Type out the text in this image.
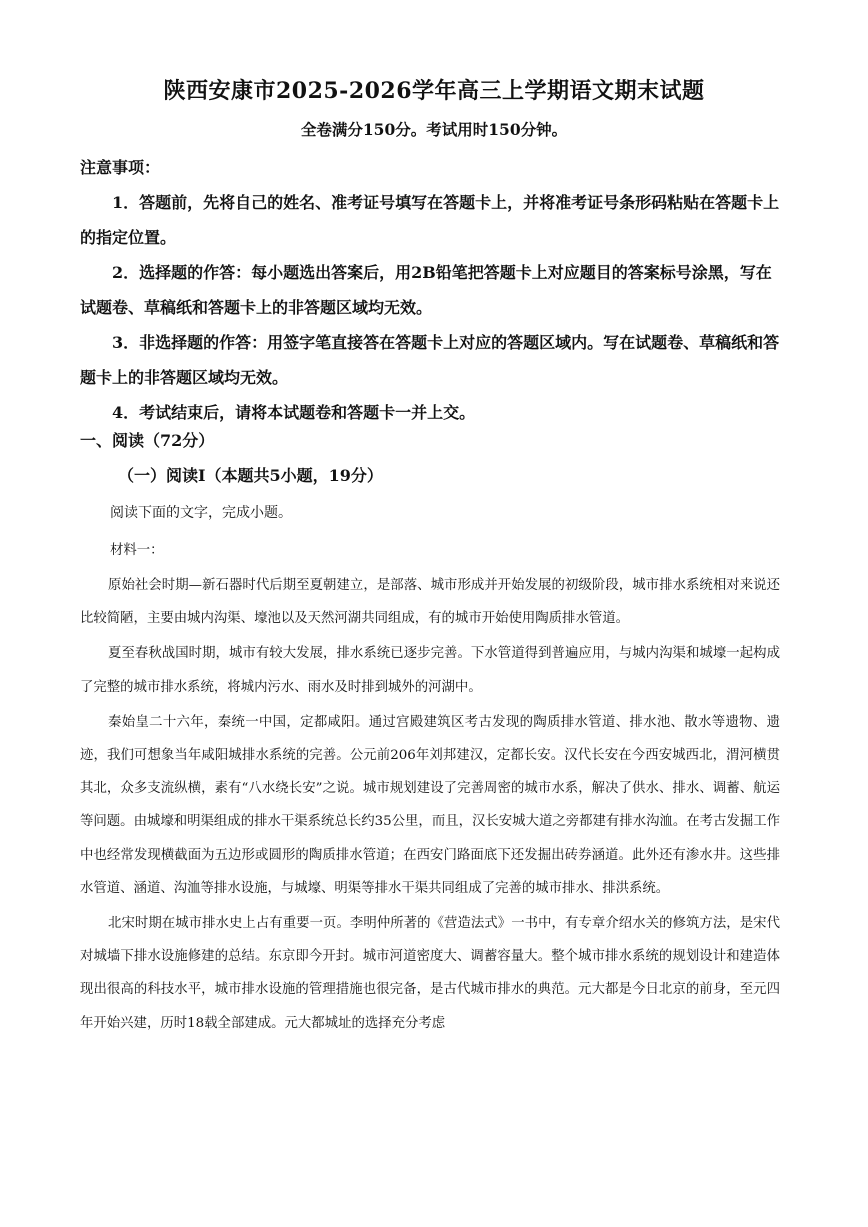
陕西安康市2025-2026学年高三上学期语文期末试题
全卷满分150分。考试用时150分钟。
注意事项：

1．答题前，先将自己的姓名、准考证号填写在答题卡上，并将准考证号条形码粘贴在答题卡上的指定位置。

2．选择题的作答：每小题选出答案后，用2B铅笔把答题卡上对应题目的答案标号涂黑，写在试题卷、草稿纸和答题卡上的非答题区域均无效。

3．非选择题的作答：用签字笔直接答在答题卡上对应的答题区域内。写在试题卷、草稿纸和答题卡上的非答题区域均无效。

4．考试结束后，请将本试题卷和答题卡一并上交。

一、阅读（72分）
（一）阅读I（本题共5小题，19分）
阅读下面的文字，完成小题。
材料一：

原始社会时期—新石器时代后期至夏朝建立，是部落、城市形成并开始发展的初级阶段，城市排水系统相对来说还比较简陋，主要由城内沟渠、壕池以及天然河湖共同组成，有的城市开始使用陶质排水管道。

夏至春秋战国时期，城市有较大发展，排水系统已逐步完善。下水管道得到普遍应用，与城内沟渠和城壕一起构成了完整的城市排水系统，将城内污水、雨水及时排到城外的河湖中。

秦始皇二十六年，秦统一中国，定都咸阳。通过宫殿建筑区考古发现的陶质排水管道、排水池、散水等遗物、遗迹，我们可想象当年咸阳城排水系统的完善。公元前206年刘邦建汉，定都长安。汉代长安在今西安城西北，渭河横贯其北，众多支流纵横，素有“八水绕长安”之说。城市规划建设了完善周密的城市水系，解决了供水、排水、调蓄、航运等问题。由城壕和明渠组成的排水干渠系统总长约35公里，而且，汉长安城大道之旁都建有排水沟洫。在考古发掘工作中也经常发现横截面为五边形或圆形的陶质排水管道；在西安门路面底下还发掘出砖券涵道。此外还有渗水井。这些排水管道、涵道、沟洫等排水设施，与城壕、明渠等排水干渠共同组成了完善的城市排水、排洪系统。

北宋时期在城市排水史上占有重要一页。李明仲所著的《营造法式》一书中，有专章介绍水关的修筑方法，是宋代对城墙下排水设施修建的总结。东京即今开封。城市河道密度大、调蓄容量大。整个城市排水系统的规划设计和建造体现出很高的科技水平，城市排水设施的管理措施也很完备，是古代城市排水的典范。元大都是今日北京的前身，至元四年开始兴建，历时18载全部建成。元大都城址的选择充分考虑
